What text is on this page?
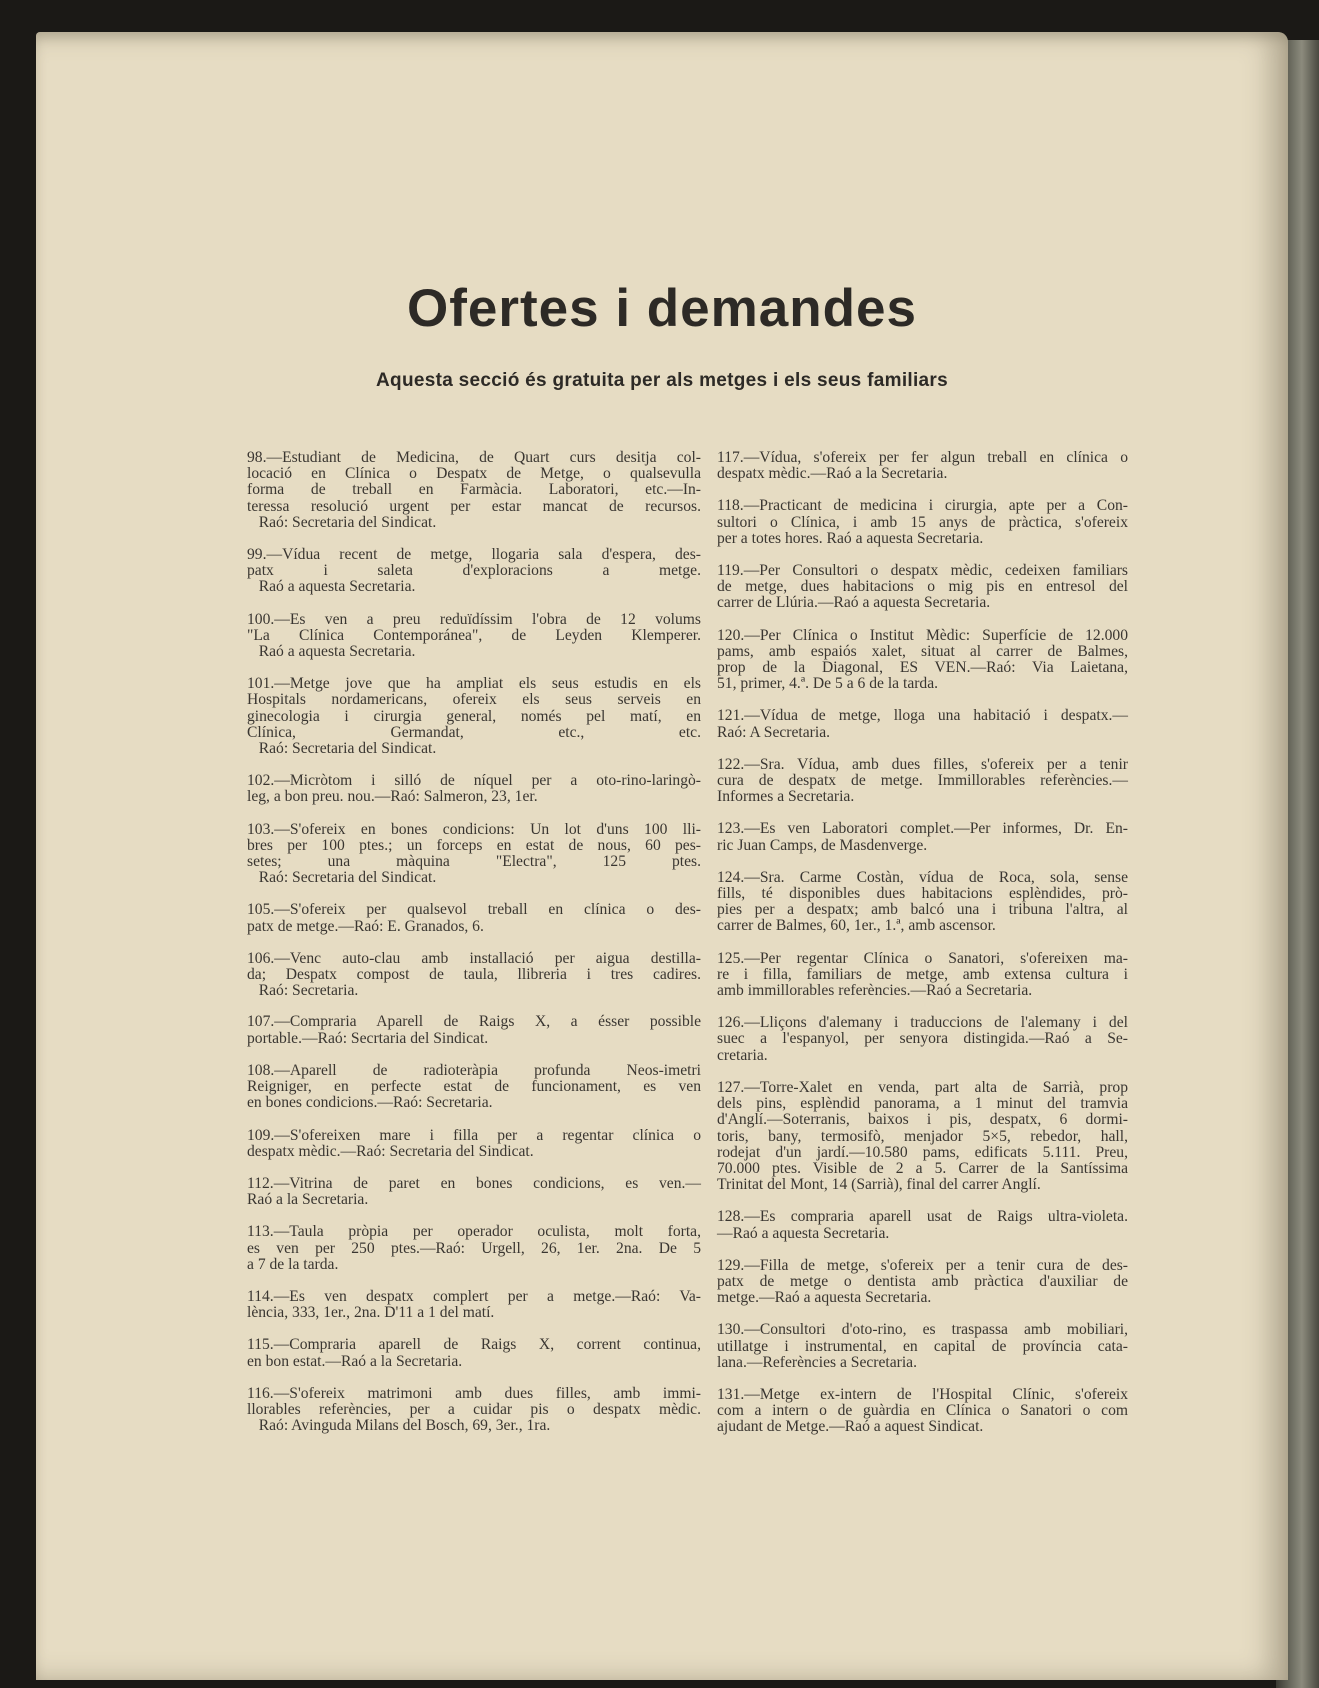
Ofertes i demandes

Aquesta secció és gratuita per als metges i els seus familiars

98.—Estudiant de Medicina, de Quart curs desitja col-
locació en Clínica o Despatx de Metge, o qualsevulla
forma de treball en Farmàcia. Laboratori, etc.—In-
teressa resolució urgent per estar mancat de recursos.
Raó: Secretaria del Sindicat.

99.—Vídua recent de metge, llogaria sala d'espera, des-
patx i saleta d'exploracions a metge.
Raó a aquesta Secretaria.

100.—Es ven a preu reduïdíssim l'obra de 12 volums
"La Clínica Contemporánea", de Leyden Klemperer.
Raó a aquesta Secretaria.

101.—Metge jove que ha ampliat els seus estudis en els
Hospitals nordamericans, ofereix els seus serveis en
ginecologia i cirurgia general, només pel matí, en
Clínica, Germandat, etc., etc.
Raó: Secretaria del Sindicat.

102.—Micròtom i silló de níquel per a oto-rino-laringò-
leg, a bon preu. nou.—Raó: Salmeron, 23, 1er.

103.—S'ofereix en bones condicions: Un lot d'uns 100 lli-
bres per 100 ptes.; un forceps en estat de nous, 60 pes-
setes; una màquina "Electra", 125 ptes.
Raó: Secretaria del Sindicat.

105.—S'ofereix per qualsevol treball en clínica o des-
patx de metge.—Raó: E. Granados, 6.

106.—Venc auto-clau amb installació per aigua destilla-
da; Despatx compost de taula, llibreria i tres cadires.
Raó: Secretaria.

107.—Compraria Aparell de Raigs X, a ésser possible
portable.—Raó: Secrtaria del Sindicat.

108.—Aparell de radioteràpia profunda Neos-imetri
Reigniger, en perfecte estat de funcionament, es ven
en bones condicions.—Raó: Secretaria.

109.—S'ofereixen mare i filla per a regentar clínica o
despatx mèdic.—Raó: Secretaria del Sindicat.

112.—Vitrina de paret en bones condicions, es ven.—
Raó a la Secretaria.

113.—Taula pròpia per operador oculista, molt forta,
es ven per 250 ptes.—Raó: Urgell, 26, 1er. 2na. De 5
a 7 de la tarda.

114.—Es ven despatx complert per a metge.—Raó: Va-
lència, 333, 1er., 2na. D'11 a 1 del matí.

115.—Compraria aparell de Raigs X, corrent continua,
en bon estat.—Raó a la Secretaria.

116.—S'ofereix matrimoni amb dues filles, amb immi-
llorables referències, per a cuidar pis o despatx mèdic.
Raó: Avinguda Milans del Bosch, 69, 3er., 1ra.

117.—Vídua, s'ofereix per fer algun treball en clínica o
despatx mèdic.—Raó a la Secretaria.

118.—Practicant de medicina i cirurgia, apte per a Con-
sultori o Clínica, i amb 15 anys de pràctica, s'ofereix
per a totes hores. Raó a aquesta Secretaria.

119.—Per Consultori o despatx mèdic, cedeixen familiars
de metge, dues habitacions o mig pis en entresol del
carrer de Llúria.—Raó a aquesta Secretaria.

120.—Per Clínica o Institut Mèdic: Superfície de 12.000
pams, amb espaiós xalet, situat al carrer de Balmes,
prop de la Diagonal, ES VEN.—Raó: Via Laietana,
51, primer, 4.ª. De 5 a 6 de la tarda.

121.—Vídua de metge, lloga una habitació i despatx.—
Raó: A Secretaria.

122.—Sra. Vídua, amb dues filles, s'ofereix per a tenir
cura de despatx de metge. Immillorables referències.—
Informes a Secretaria.

123.—Es ven Laboratori complet.—Per informes, Dr. En-
ric Juan Camps, de Masdenverge.

124.—Sra. Carme Costàn, vídua de Roca, sola, sense
fills, té disponibles dues habitacions esplèndides, prò-
pies per a despatx; amb balcó una i tribuna l'altra, al
carrer de Balmes, 60, 1er., 1.ª, amb ascensor.

125.—Per regentar Clínica o Sanatori, s'ofereixen ma-
re i filla, familiars de metge, amb extensa cultura i
amb immillorables referències.—Raó a Secretaria.

126.—Lliçons d'alemany i traduccions de l'alemany i del
suec a l'espanyol, per senyora distingida.—Raó a Se-
cretaria.

127.—Torre-Xalet en venda, part alta de Sarrià, prop
dels pins, esplèndid panorama, a 1 minut del tramvia
d'Anglí.—Soterranis, baixos i pis, despatx, 6 dormi-
toris, bany, termosifò, menjador 5×5, rebedor, hall,
rodejat d'un jardí.—10.580 pams, edificats 5.111. Preu,
70.000 ptes. Visible de 2 a 5. Carrer de la Santíssima
Trinitat del Mont, 14 (Sarrià), final del carrer Anglí.

128.—Es compraria aparell usat de Raigs ultra-violeta.
—Raó a aquesta Secretaria.

129.—Filla de metge, s'ofereix per a tenir cura de des-
patx de metge o dentista amb pràctica d'auxiliar de
metge.—Raó a aquesta Secretaria.

130.—Consultori d'oto-rino, es traspassa amb mobiliari,
utillatge i instrumental, en capital de província cata-
lana.—Referències a Secretaria.

131.—Metge ex-intern de l'Hospital Clínic, s'ofereix
com a intern o de guàrdia en Clínica o Sanatori o com
ajudant de Metge.—Raó a aquest Sindicat.
